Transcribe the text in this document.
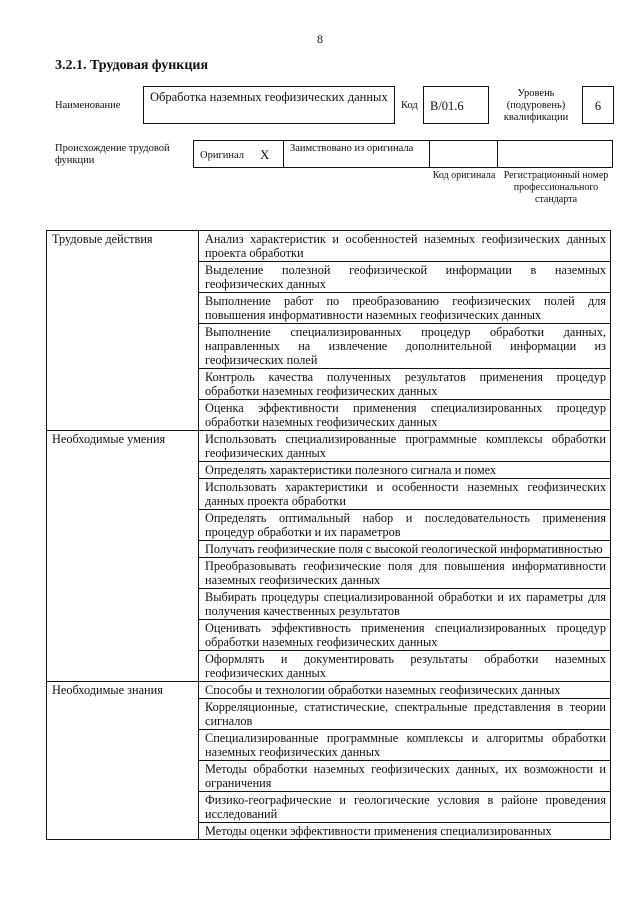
8
3.2.1. Трудовая функция
Наименование
Обработка наземных геофизических данных
Код B/01.6
Уровень (подуровень) квалификации
6
Происхождение трудовой функции	Оригинал X	Заимствовано из оригинала
Код оригинала Регистрационный номер профессионального стандарта
Трудовые действия	Анализ характеристик и особенностей наземных геофизических данных проекта обработки
	Выделение полезной геофизической информации в наземных геофизических данных
	Выполнение работ по преобразованию геофизических полей для повышения информативности наземных геофизических данных
	Выполнение специализированных процедур обработки данных, направленных на извлечение дополнительной информации из геофизических полей
	Контроль качества полученных результатов применения процедур обработки наземных геофизических данных
	Оценка эффективности применения специализированных процедур обработки наземных геофизических данных
Необходимые умения	Использовать специализированные программные комплексы обработки геофизических данных
	Определять характеристики полезного сигнала и помех
	Использовать характеристики и особенности наземных геофизических данных проекта обработки
	Определять оптимальный набор и последовательность применения процедур обработки и их параметров
	Получать геофизические поля с высокой геологической информативностью
	Преобразовывать геофизические поля для повышения информативности наземных геофизических данных
	Выбирать процедуры специализированной обработки и их параметры для получения качественных результатов
	Оценивать эффективность применения специализированных процедур обработки наземных геофизических данных
	Оформлять и документировать результаты обработки наземных геофизических данных
Необходимые знания	Способы и технологии обработки наземных геофизических данных
	Корреляционные, статистические, спектральные представления в теории сигналов
	Специализированные программные комплексы и алгоритмы обработки наземных геофизических данных
	Методы обработки наземных геофизических данных, их возможности и ограничения
	Физико-географические и геологические условия в районе проведения исследований
	Методы оценки эффективности применения специализированных
